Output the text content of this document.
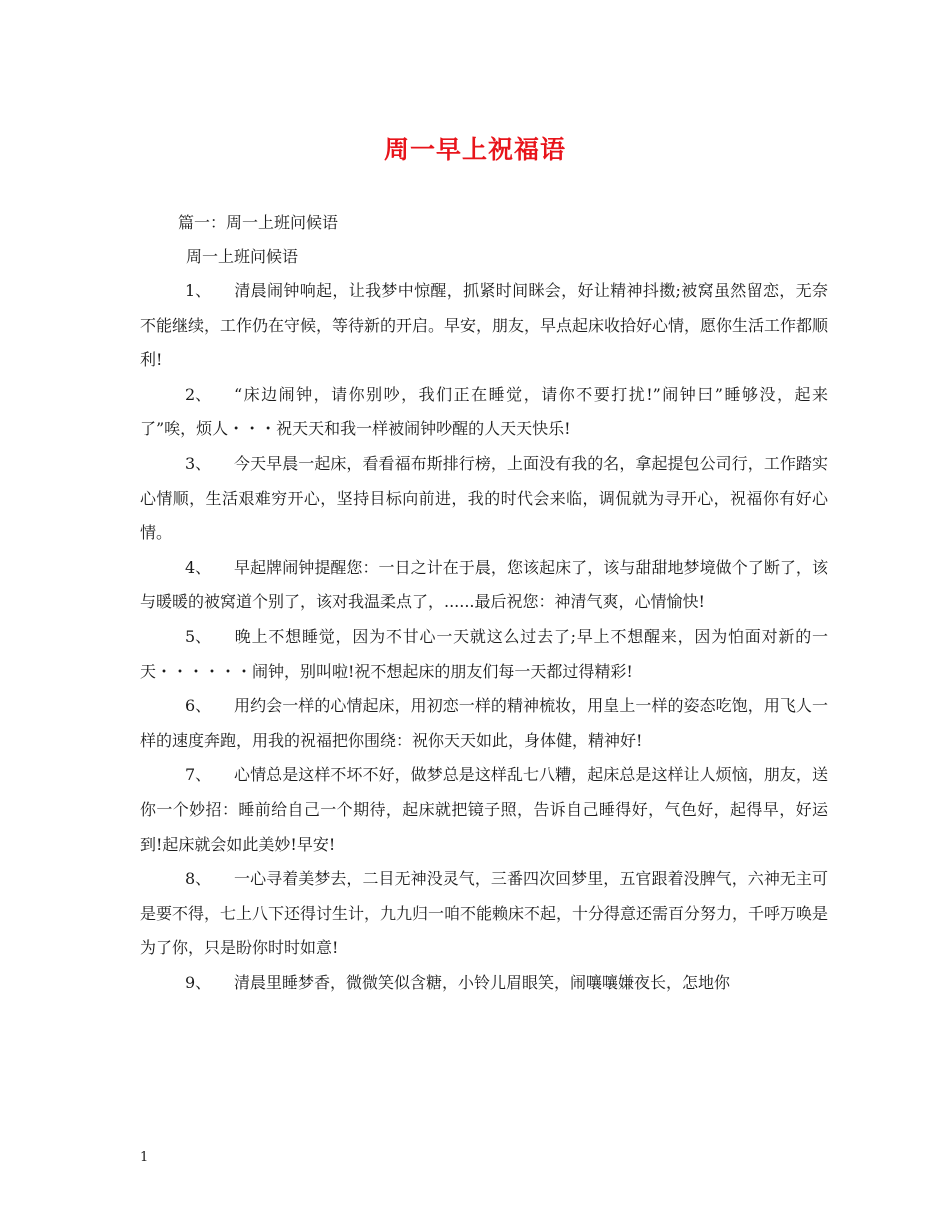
周一早上祝福语

篇一：周一上班问候语

周一上班问候语

1、 清晨闹钟响起，让我梦中惊醒，抓紧时间眯会，好让精神抖擞;被窝虽然留恋，无奈不能继续，工作仍在守候，等待新的开启。早安，朋友，早点起床收拾好心情，愿你生活工作都顺利!

2、 “床边闹钟，请你别吵，我们正在睡觉，请你不要打扰!”闹钟曰”睡够没，起来了”唉，烦人・・・祝天天和我一样被闹钟吵醒的人天天快乐!

3、 今天早晨一起床，看看福布斯排行榜，上面没有我的名，拿起提包公司行，工作踏实心情顺，生活艰难穷开心，坚持目标向前进，我的时代会来临，调侃就为寻开心，祝福你有好心情。

4、 早起牌闹钟提醒您：一日之计在于晨，您该起床了，该与甜甜地梦境做个了断了，该与暖暖的被窝道个别了，该对我温柔点了，......最后祝您：神清气爽，心情愉快!

5、 晚上不想睡觉，因为不甘心一天就这么过去了;早上不想醒来，因为怕面对新的一天・・・・・・闹钟，别叫啦!祝不想起床的朋友们每一天都过得精彩!

6、 用约会一样的心情起床，用初恋一样的精神梳妆，用皇上一样的姿态吃饱，用飞人一样的速度奔跑，用我的祝福把你围绕：祝你天天如此，身体健，精神好!

7、 心情总是这样不坏不好，做梦总是这样乱七八糟，起床总是这样让人烦恼，朋友，送你一个妙招：睡前给自己一个期待，起床就把镜子照，告诉自己睡得好，气色好，起得早，好运到!起床就会如此美妙!早安!

8、 一心寻着美梦去，二目无神没灵气，三番四次回梦里，五官跟着没脾气，六神无主可是要不得，七上八下还得讨生计，九九归一咱不能赖床不起，十分得意还需百分努力，千呼万唤是为了你，只是盼你时时如意!

9、 清晨里睡梦香，微微笑似含糖，小铃儿眉眼笑，闹嚷嚷嫌夜长，怎地你

1
